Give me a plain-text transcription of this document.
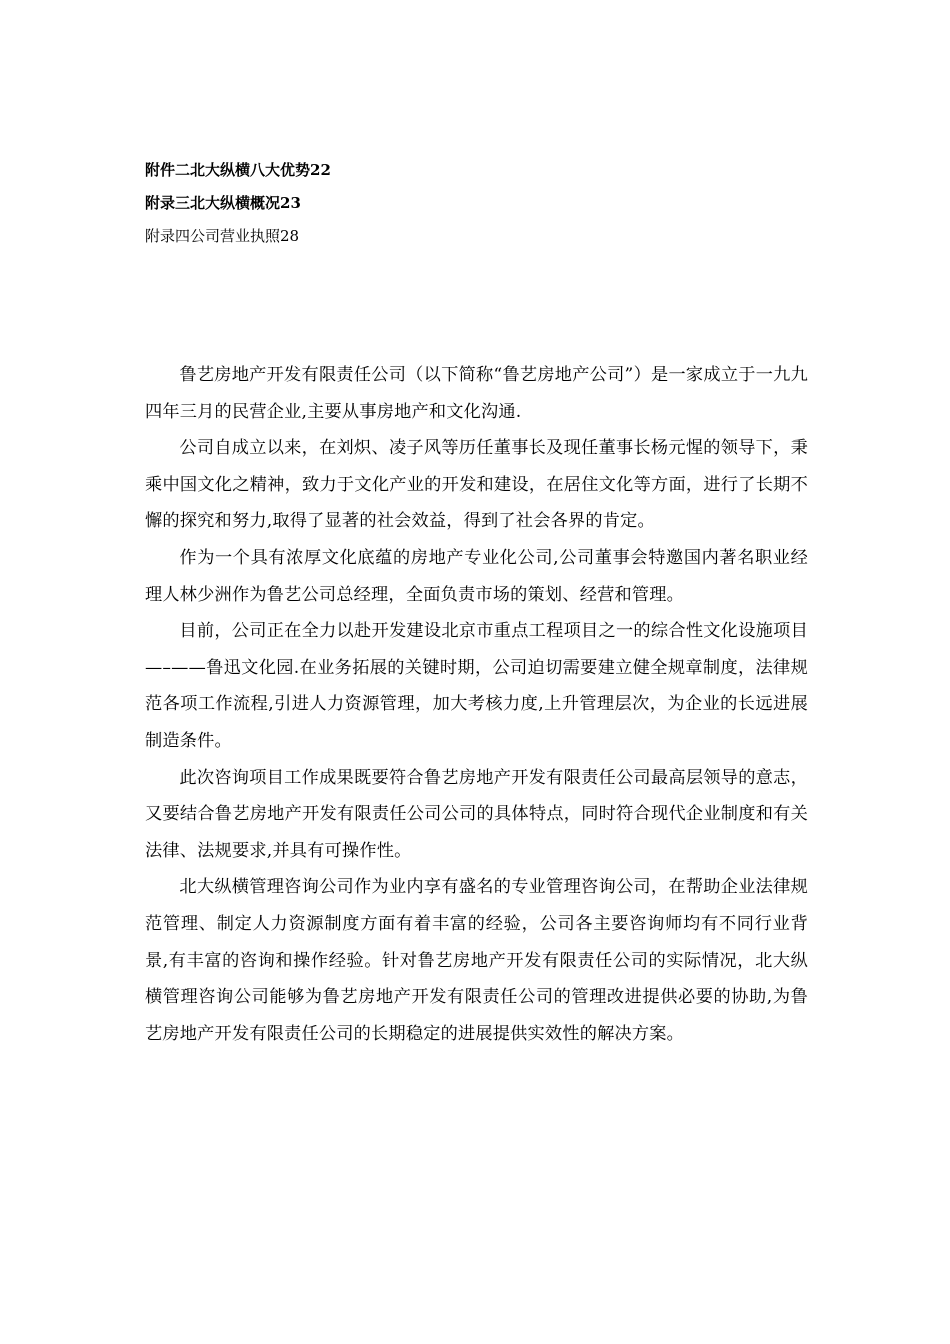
附件二北大纵横八大优势22
附录三北大纵横概况23
附录四公司营业执照28

鲁艺房地产开发有限责任公司（以下简称“鲁艺房地产公司”）是一家成立于一九九四年三月的民营企业,主要从事房地产和文化沟通.

公司自成立以来，在刘炽、凌子风等历任董事长及现任董事长杨元惺的领导下，秉乘中国文化之精神，致力于文化产业的开发和建设，在居住文化等方面，进行了长期不懈的探究和努力,取得了显著的社会效益，得到了社会各界的肯定。

作为一个具有浓厚文化底蕴的房地产专业化公司,公司董事会特邀国内著名职业经理人林少洲作为鲁艺公司总经理，全面负责市场的策划、经营和管理。

目前，公司正在全力以赴开发建设北京市重点工程项目之一的综合性文化设施项目—–——鲁迅文化园.在业务拓展的关键时期，公司迫切需要建立健全规章制度，法律规范各项工作流程,引进人力资源管理，加大考核力度,上升管理层次，为企业的长远进展制造条件。

此次咨询项目工作成果既要符合鲁艺房地产开发有限责任公司最高层领导的意志，又要结合鲁艺房地产开发有限责任公司公司的具体特点，同时符合现代企业制度和有关法律、法规要求,并具有可操作性。

北大纵横管理咨询公司作为业内享有盛名的专业管理咨询公司，在帮助企业法律规范管理、制定人力资源制度方面有着丰富的经验，公司各主要咨询师均有不同行业背景,有丰富的咨询和操作经验。针对鲁艺房地产开发有限责任公司的实际情况，北大纵横管理咨询公司能够为鲁艺房地产开发有限责任公司的管理改进提供必要的协助,为鲁艺房地产开发有限责任公司的长期稳定的进展提供实效性的解决方案。
